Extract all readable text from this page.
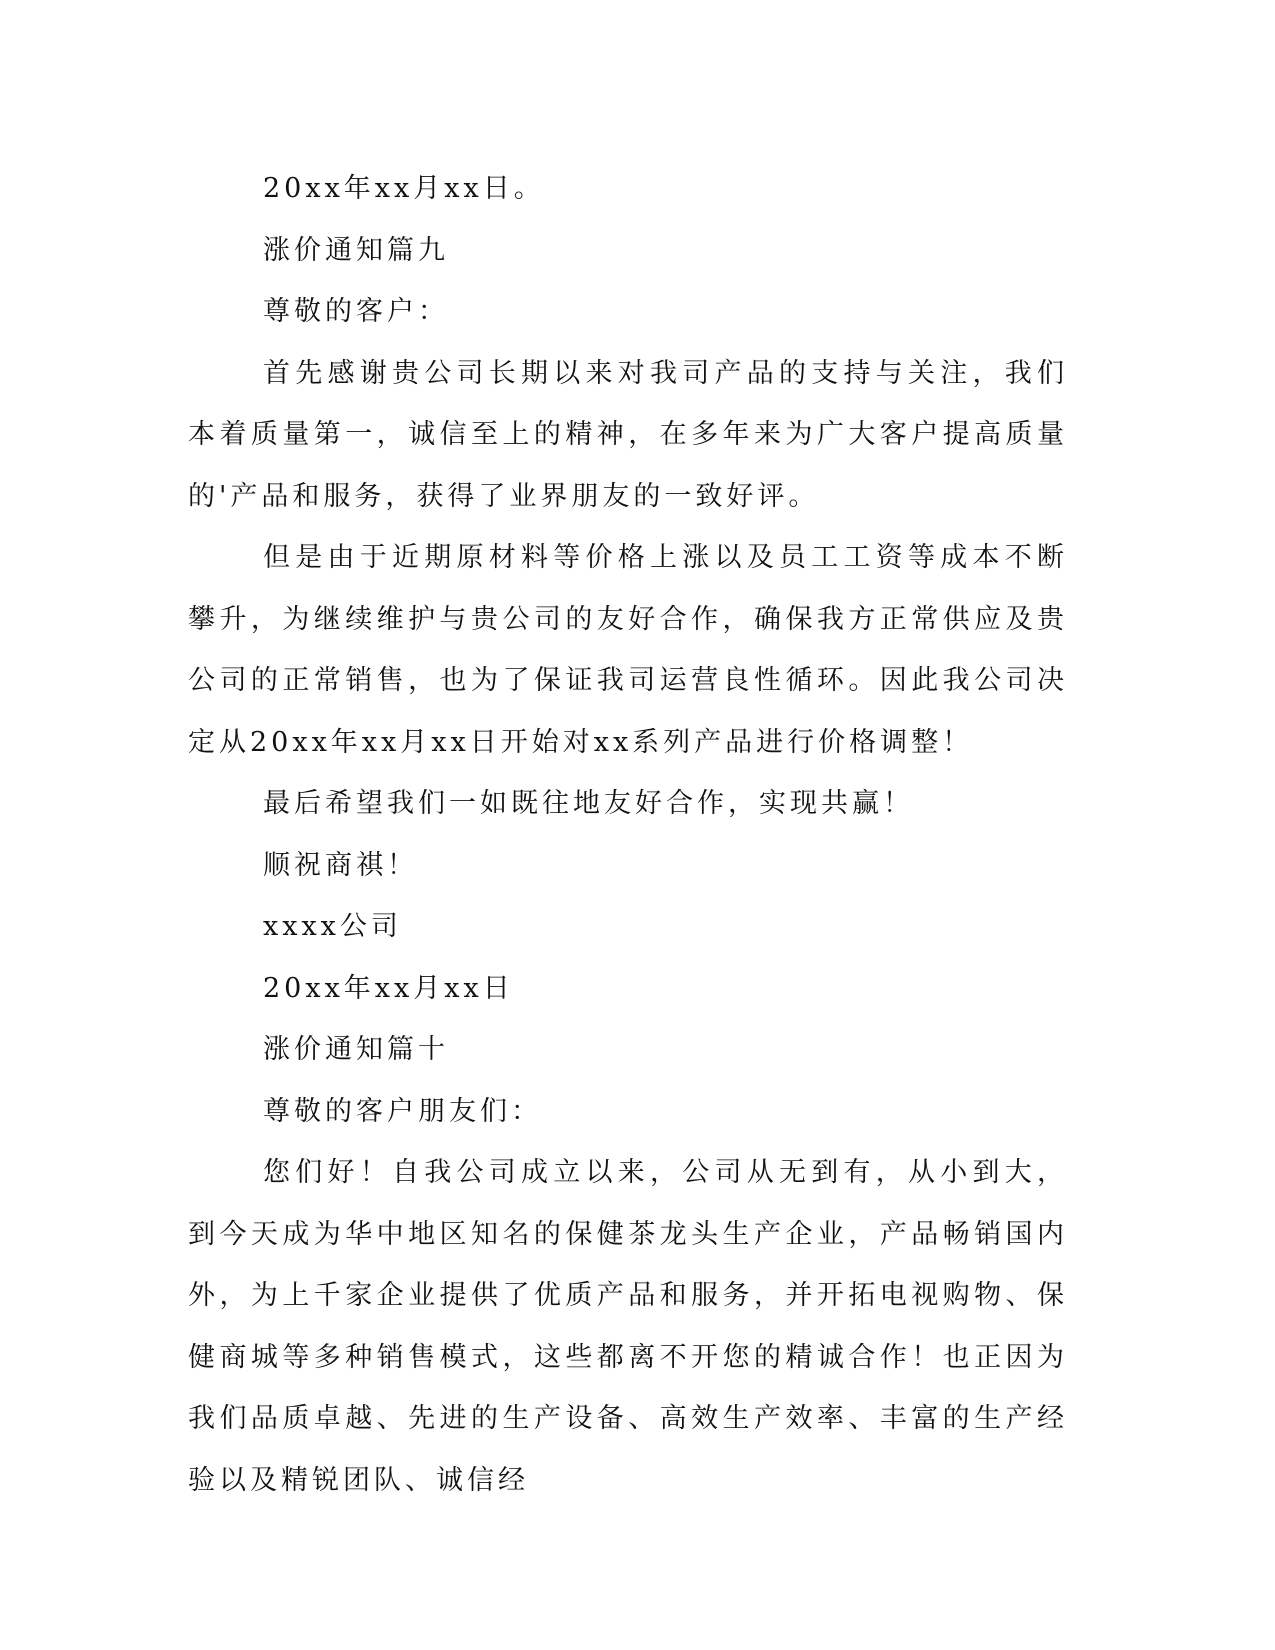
20xx年xx月xx日。

涨价通知篇九

尊敬的客户：

首先感谢贵公司长期以来对我司产品的支持与关注，我们本着质量第一，诚信至上的精神，在多年来为广大客户提高质量的'产品和服务，获得了业界朋友的一致好评。

但是由于近期原材料等价格上涨以及员工工资等成本不断攀升，为继续维护与贵公司的友好合作，确保我方正常供应及贵公司的正常销售，也为了保证我司运营良性循环。因此我公司决定从20xx年xx月xx日开始对xx系列产品进行价格调整！

最后希望我们一如既往地友好合作，实现共赢！

顺祝商祺！

xxxx公司

20xx年xx月xx日

涨价通知篇十

尊敬的客户朋友们：

您们好！自我公司成立以来，公司从无到有，从小到大，到今天成为华中地区知名的保健茶龙头生产企业，产品畅销国内外，为上千家企业提供了优质产品和服务，并开拓电视购物、保健商城等多种销售模式，这些都离不开您的精诚合作！也正因为我们品质卓越、先进的生产设备、高效生产效率、丰富的生产经验以及精锐团队、诚信经
